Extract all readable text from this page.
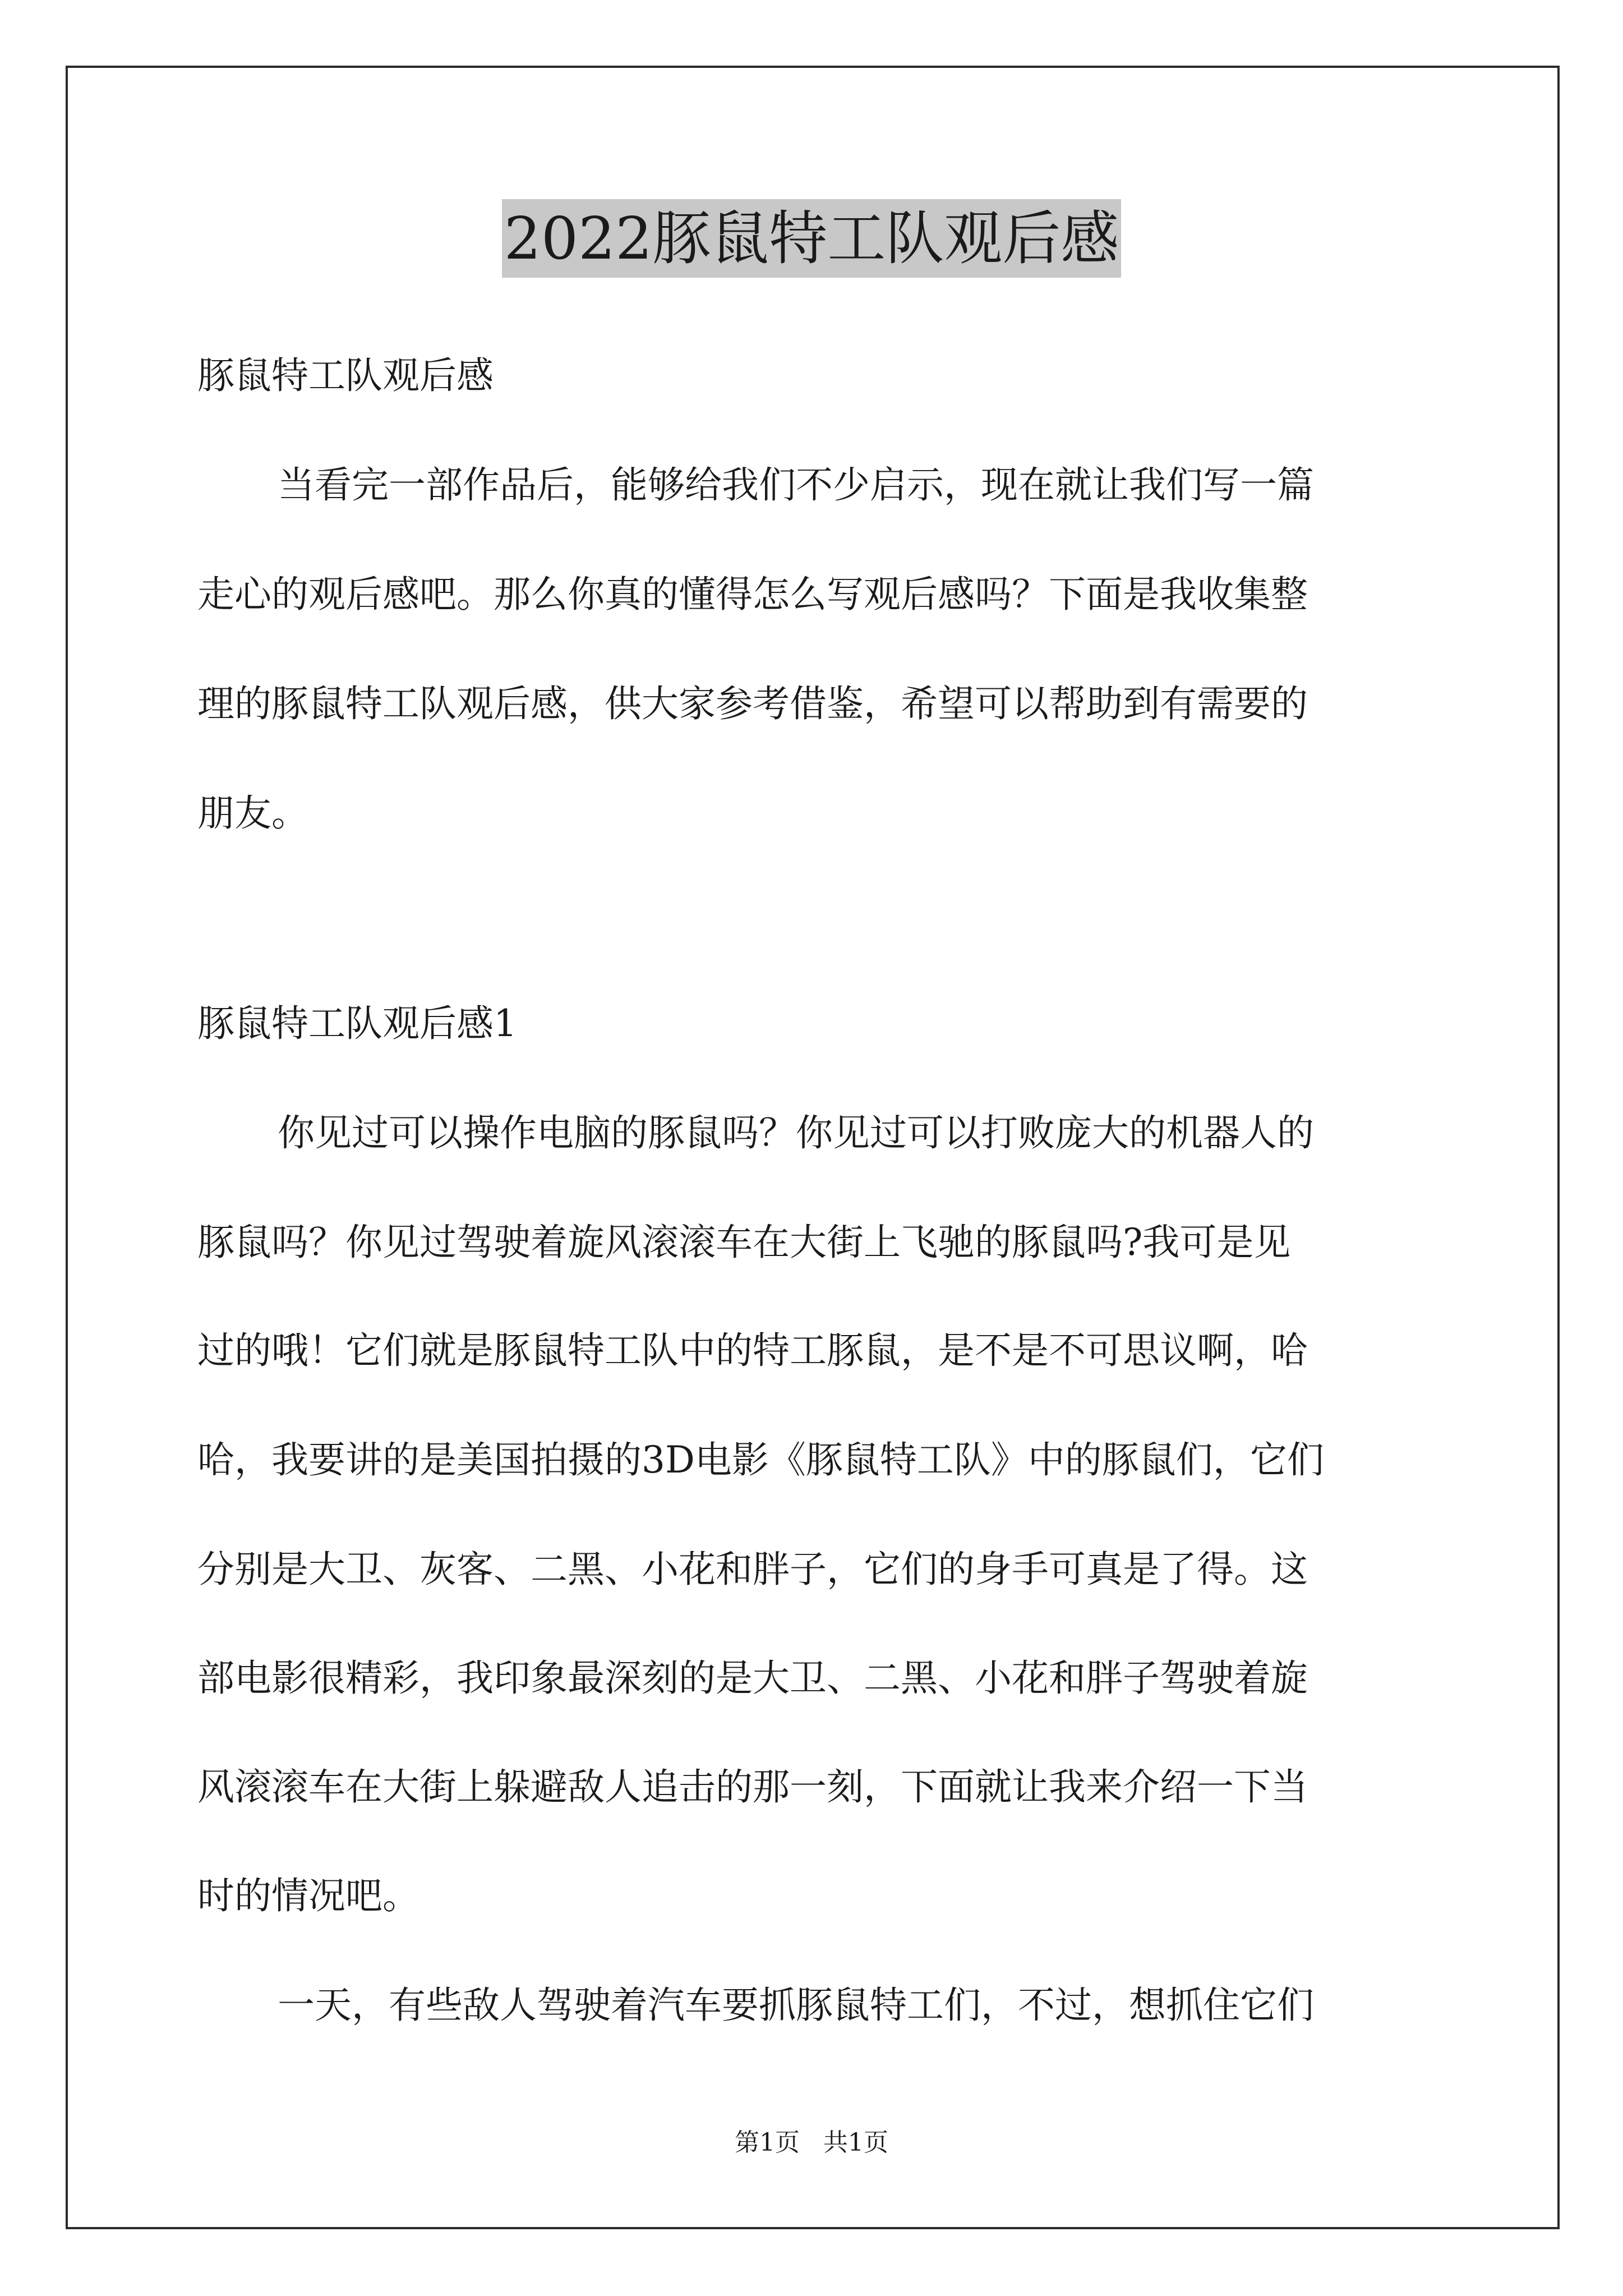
2022豚鼠特工队观后感
豚鼠特工队观后感
当看完一部作品后，能够给我们不少启示，现在就让我们写一篇
走心的观后感吧。那么你真的懂得怎么写观后感吗？下面是我收集整
理的豚鼠特工队观后感，供大家参考借鉴，希望可以帮助到有需要的
朋友。
豚鼠特工队观后感1
你见过可以操作电脑的豚鼠吗？你见过可以打败庞大的机器人的
豚鼠吗？你见过驾驶着旋风滚滚车在大街上飞驰的豚鼠吗?我可是见
过的哦！它们就是豚鼠特工队中的特工豚鼠，是不是不可思议啊，哈
哈，我要讲的是美国拍摄的3D电影《豚鼠特工队》中的豚鼠们，它们
分别是大卫、灰客、二黑、小花和胖子，它们的身手可真是了得。这
部电影很精彩，我印象最深刻的是大卫、二黑、小花和胖子驾驶着旋
风滚滚车在大街上躲避敌人追击的那一刻，下面就让我来介绍一下当
时的情况吧。
一天，有些敌人驾驶着汽车要抓豚鼠特工们，不过，想抓住它们
第1页   共1页
